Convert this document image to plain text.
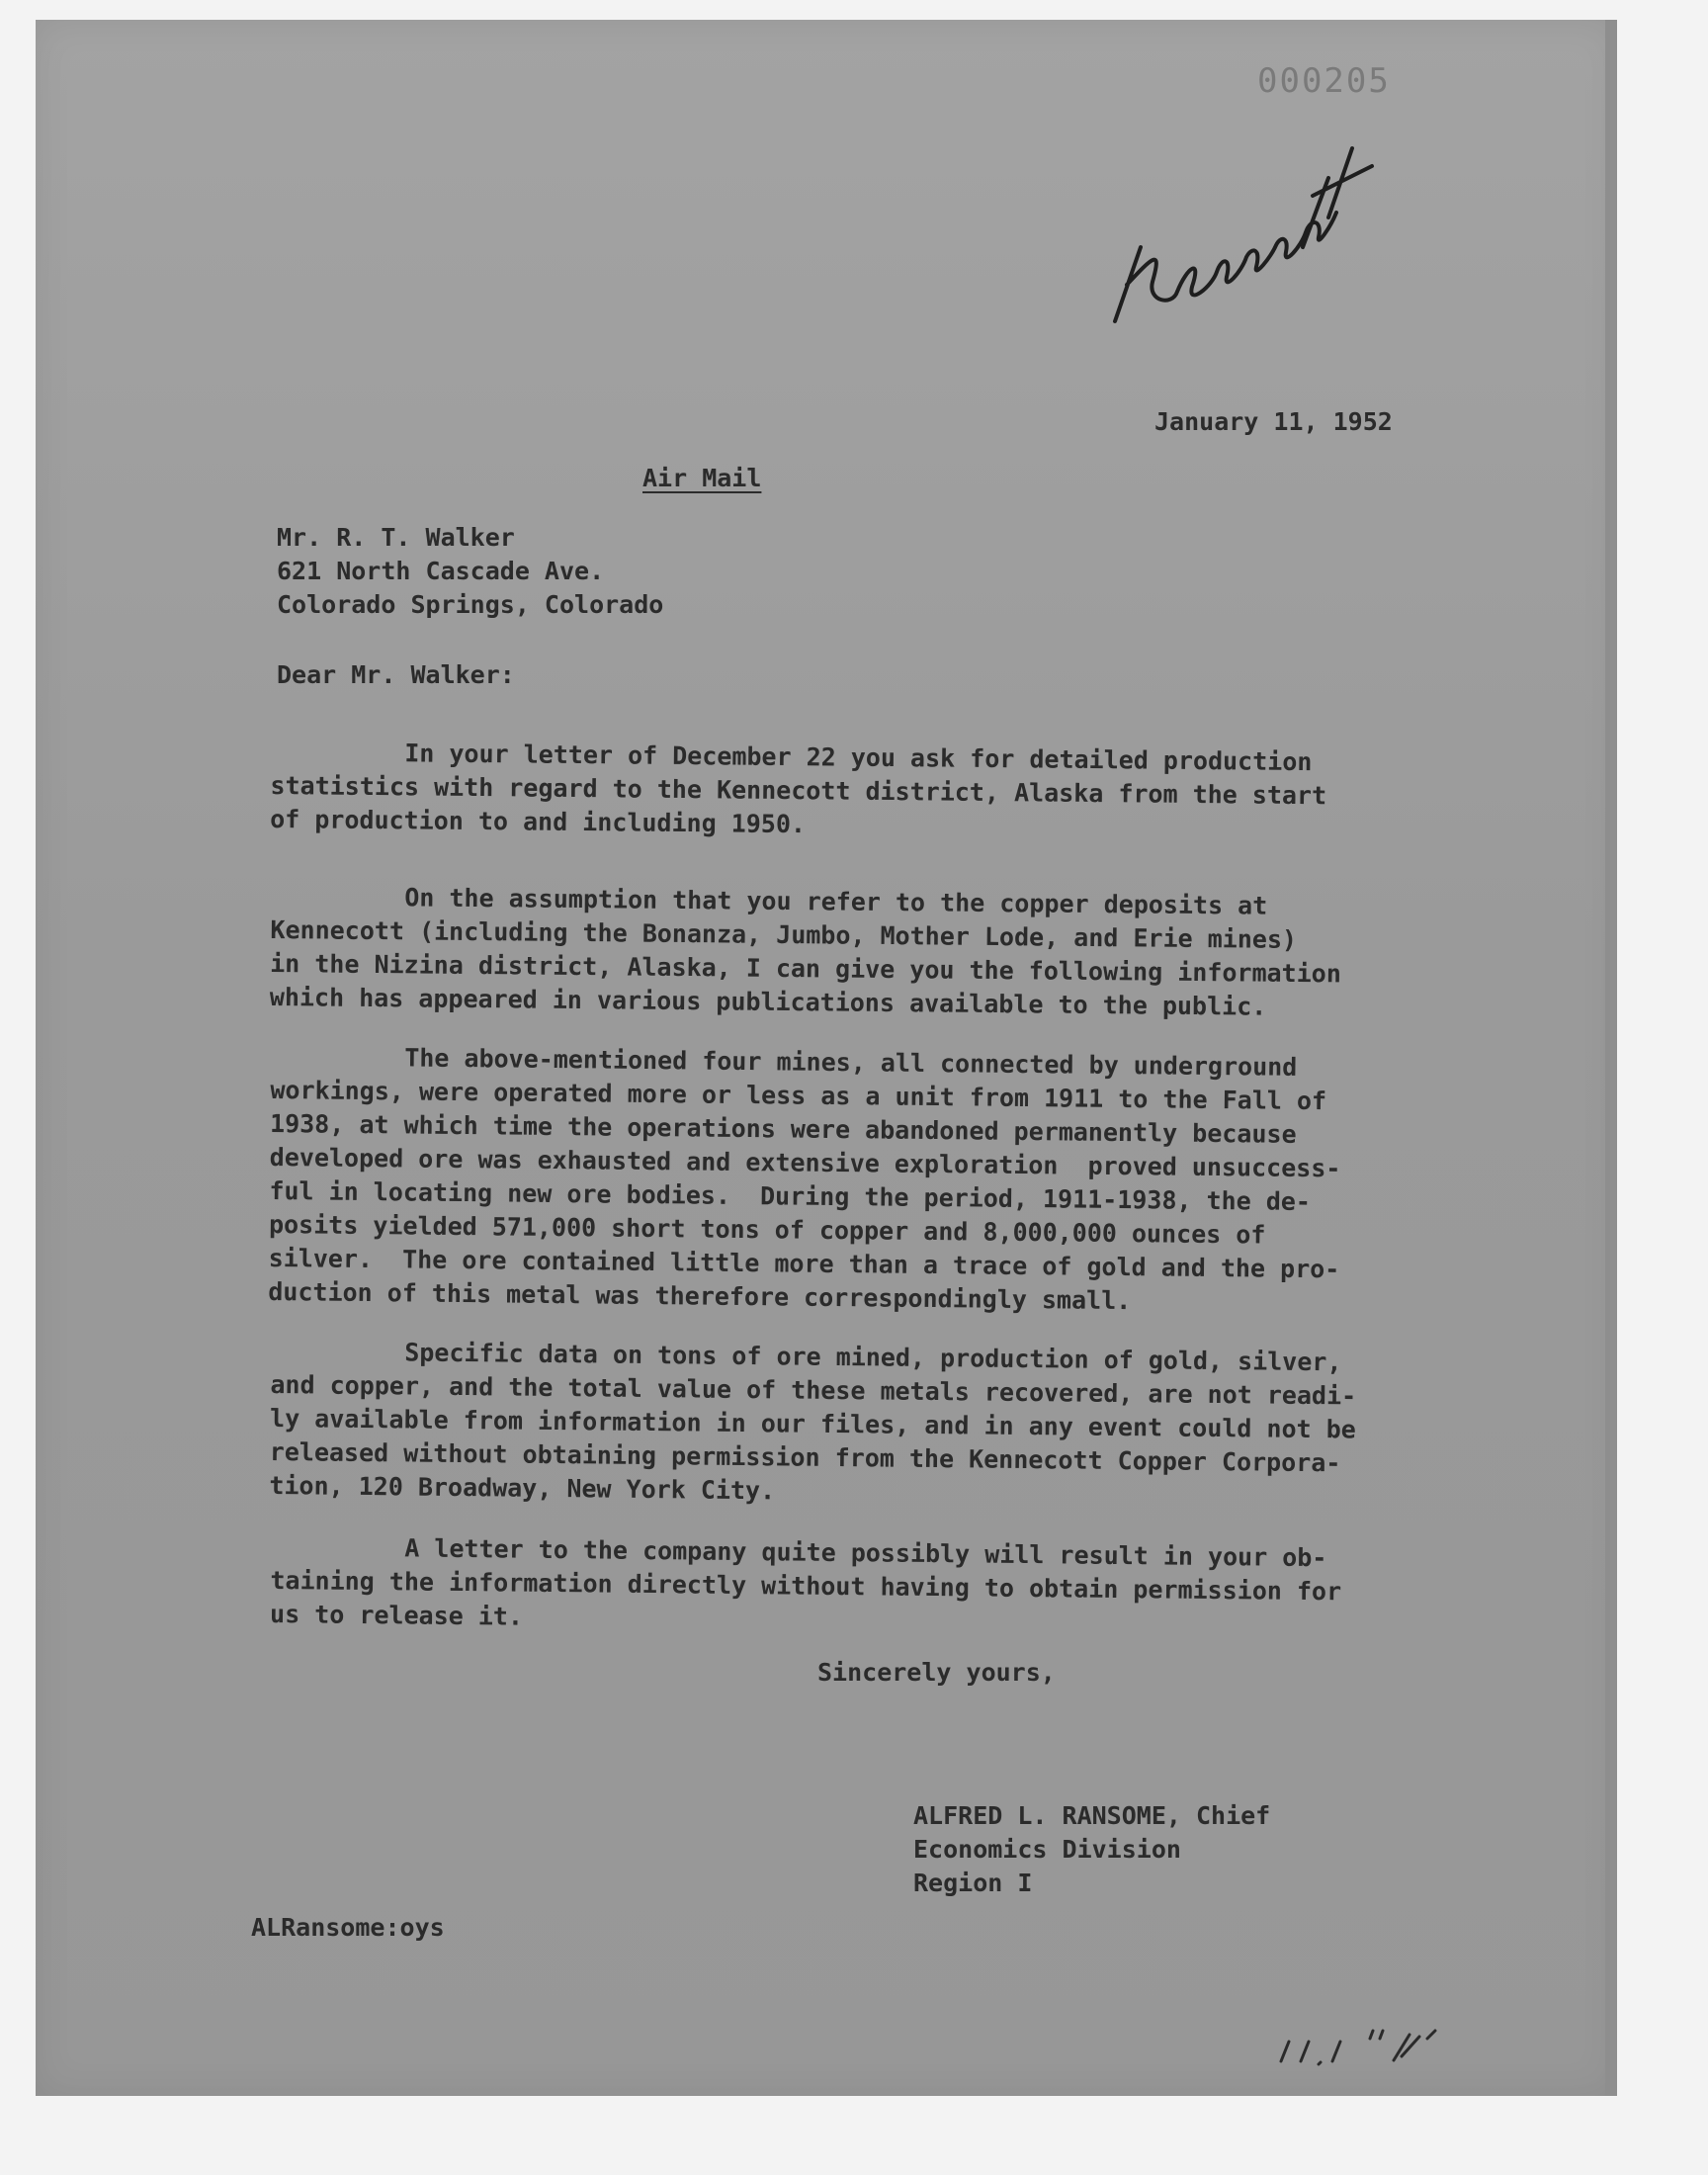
000205
January 11, 1952
Air Mail
Mr. R. T. Walker
621 North Cascade Ave.
Colorado Springs, Colorado
Dear Mr. Walker:
In your letter of December 22 you ask for detailed production
statistics with regard to the Kennecott district, Alaska from the start
of production to and including 1950.
On the assumption that you refer to the copper deposits at
Kennecott (including the Bonanza, Jumbo, Mother Lode, and Erie mines)
in the Nizina district, Alaska, I can give you the following information
which has appeared in various publications available to the public.
The above-mentioned four mines, all connected by underground
workings, were operated more or less as a unit from 1911 to the Fall of
1938, at which time the operations were abandoned permanently because
developed ore was exhausted and extensive exploration  proved unsuccess-
ful in locating new ore bodies.  During the period, 1911-1938, the de-
posits yielded 571,000 short tons of copper and 8,000,000 ounces of
silver.  The ore contained little more than a trace of gold and the pro-
duction of this metal was therefore correspondingly small.
Specific data on tons of ore mined, production of gold, silver,
and copper, and the total value of these metals recovered, are not readi-
ly available from information in our files, and in any event could not be
released without obtaining permission from the Kennecott Copper Corpora-
tion, 120 Broadway, New York City.
A letter to the company quite possibly will result in your ob-
taining the information directly without having to obtain permission for
us to release it.
Sincerely yours,
ALFRED L. RANSOME, Chief
Economics Division
Region I
ALRansome:oys
